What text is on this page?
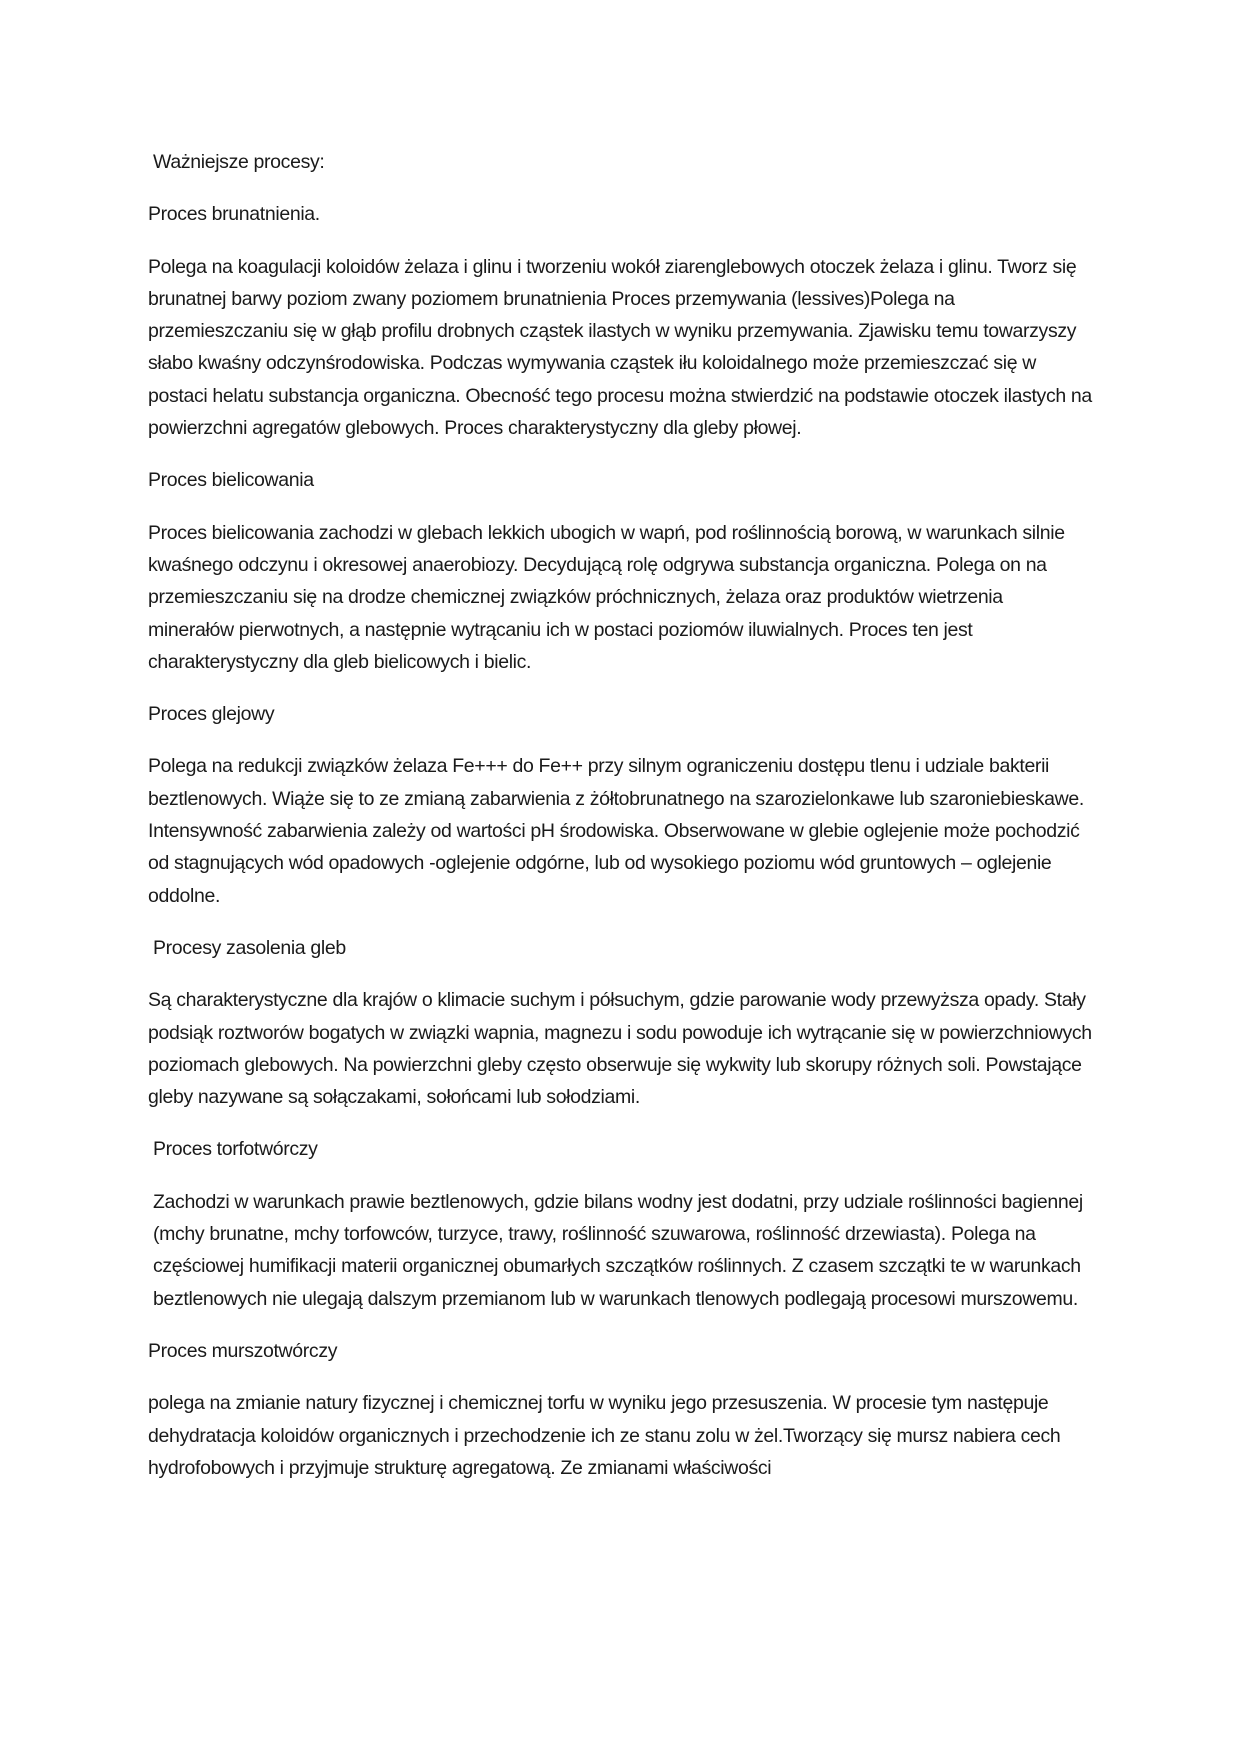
Ważniejsze procesy:

Proces brunatnienia.

Polega na koagulacji koloidów żelaza i glinu i tworzeniu wokół ziarenglebowych otoczek żelaza i glinu. Tworz się brunatnej barwy poziom zwany poziomem brunatnienia Proces przemywania (lessives)Polega na przemieszczaniu się w głąb profilu drobnych cząstek ilastych w wyniku przemywania. Zjawisku temu towarzyszy słabo kwaśny odczynśrodowiska. Podczas wymywania cząstek iłu koloidalnego może przemieszczać się w postaci helatu substancja organiczna. Obecność tego procesu można stwierdzić na podstawie otoczek ilastych na powierzchni agregatów glebowych. Proces charakterystyczny dla gleby płowej.

Proces bielicowania

Proces bielicowania zachodzi w glebach lekkich ubogich w wapń, pod roślinnością borową, w warunkach silnie kwaśnego odczynu i okresowej anaerobiozy. Decydującą rolę odgrywa substancja organiczna. Polega on na przemieszczaniu się na drodze chemicznej związków próchnicznych, żelaza oraz produktów wietrzenia minerałów pierwotnych, a następnie wytrącaniu ich w postaci poziomów iluwialnych. Proces ten jest charakterystyczny dla gleb bielicowych i bielic.

Proces glejowy

Polega na redukcji związków żelaza Fe+++ do Fe++ przy silnym ograniczeniu dostępu tlenu i udziale bakterii beztlenowych. Wiąże się to ze zmianą zabarwienia z żółtobrunatnego na szarozielonkawe lub szaroniebieskawe. Intensywność zabarwienia zależy od wartości pH środowiska. Obserwowane w glebie oglejenie może pochodzić od stagnujących wód opadowych -oglejenie odgórne, lub od wysokiego poziomu wód gruntowych – oglejenie oddolne.

Procesy zasolenia gleb

Są charakterystyczne dla krajów o klimacie suchym i półsuchym, gdzie parowanie wody przewyższa opady. Stały podsiąk roztworów bogatych w związki wapnia, magnezu i sodu powoduje ich wytrącanie się w powierzchniowych poziomach glebowych. Na powierzchni gleby często obserwuje się wykwity lub skorupy różnych soli. Powstające gleby nazywane są sołączakami, sołońcami lub sołodziami.

Proces torfotwórczy

Zachodzi w warunkach prawie beztlenowych, gdzie bilans wodny jest dodatni, przy udziale roślinności bagiennej (mchy brunatne, mchy torfowców, turzyce, trawy, roślinność szuwarowa, roślinność drzewiasta). Polega na częściowej humifikacji materii organicznej obumarłych szczątków roślinnych. Z czasem szczątki te w warunkach beztlenowych nie ulegają dalszym przemianom lub w warunkach tlenowych podlegają procesowi murszowemu.

Proces murszotwórczy

polega na zmianie natury fizycznej i chemicznej torfu w wyniku jego przesuszenia. W procesie tym następuje dehydratacja koloidów organicznych i przechodzenie ich ze stanu zolu w żel.Tworzący się mursz nabiera cech hydrofobowych i przyjmuje strukturę agregatową. Ze zmianami właściwości
